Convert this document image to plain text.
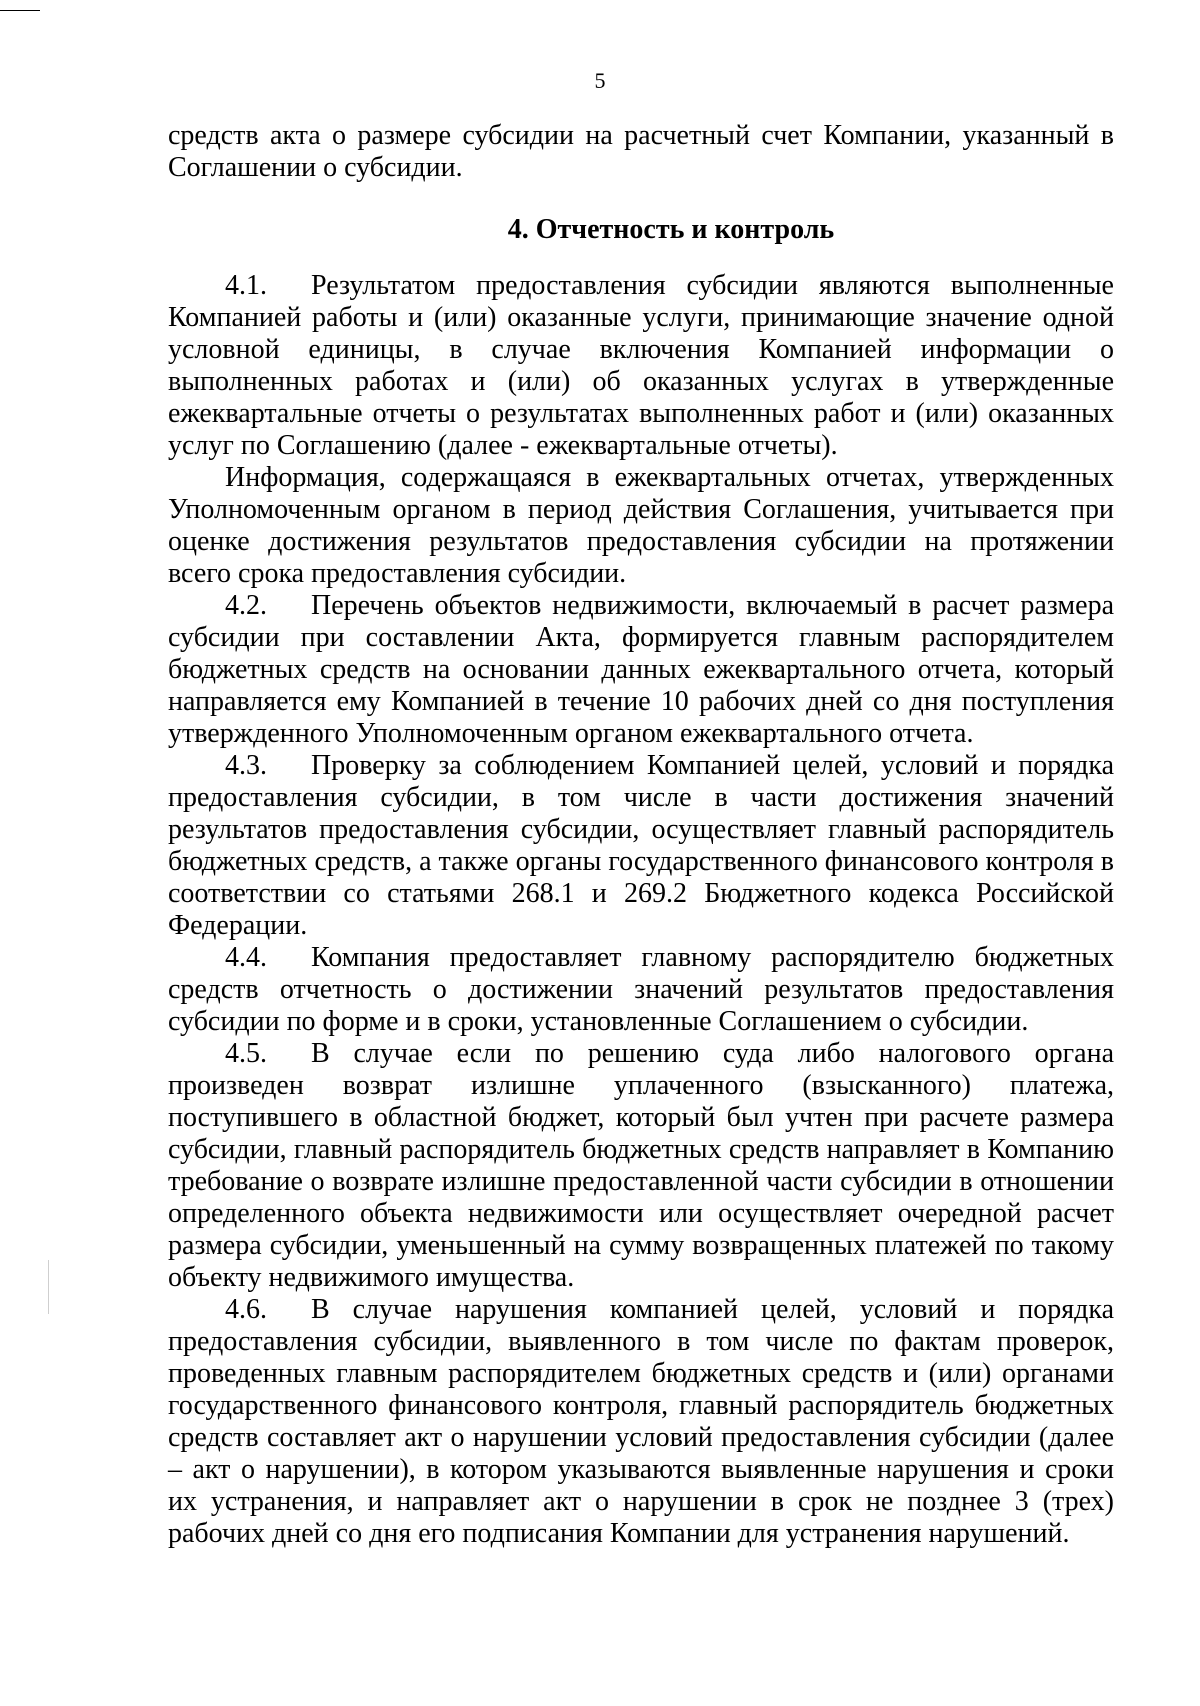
5

средств акта о размере субсидии на расчетный счет Компании, указанный в Соглашении о субсидии.

4. Отчетность и контроль

4.1. Результатом предоставления субсидии являются выполненные Компанией работы и (или) оказанные услуги, принимающие значение одной условной единицы, в случае включения Компанией информации о выполненных работах и (или) об оказанных услугах в утвержденные ежеквартальные отчеты о результатах выполненных работ и (или) оказанных услуг по Соглашению (далее - ежеквартальные отчеты).

Информация, содержащаяся в ежеквартальных отчетах, утвержденных Уполномоченным органом в период действия Соглашения, учитывается при оценке достижения результатов предоставления субсидии на протяжении всего срока предоставления субсидии.

4.2. Перечень объектов недвижимости, включаемый в расчет размера субсидии при составлении Акта, формируется главным распорядителем бюджетных средств на основании данных ежеквартального отчета, который направляется ему Компанией в течение 10 рабочих дней со дня поступления утвержденного Уполномоченным органом ежеквартального отчета.

4.3. Проверку за соблюдением Компанией целей, условий и порядка предоставления субсидии, в том числе в части достижения значений результатов предоставления субсидии, осуществляет главный распорядитель бюджетных средств, а также органы государственного финансового контроля в соответствии со статьями 268.1 и 269.2 Бюджетного кодекса Российской Федерации.

4.4. Компания предоставляет главному распорядителю бюджетных средств отчетность о достижении значений результатов предоставления субсидии по форме и в сроки, установленные Соглашением о субсидии.

4.5. В случае если по решению суда либо налогового органа произведен возврат излишне уплаченного (взысканного) платежа, поступившего в областной бюджет, который был учтен при расчете размера субсидии, главный распорядитель бюджетных средств направляет в Компанию требование о возврате излишне предоставленной части субсидии в отношении определенного объекта недвижимости или осуществляет очередной расчет размера субсидии, уменьшенный на сумму возвращенных платежей по такому объекту недвижимого имущества.

4.6. В случае нарушения компанией целей, условий и порядка предоставления субсидии, выявленного в том числе по фактам проверок, проведенных главным распорядителем бюджетных средств и (или) органами государственного финансового контроля, главный распорядитель бюджетных средств составляет акт о нарушении условий предоставления субсидии (далее – акт о нарушении), в котором указываются выявленные нарушения и сроки их устранения, и направляет акт о нарушении в срок не позднее 3 (трех) рабочих дней со дня его подписания Компании для устранения нарушений.
